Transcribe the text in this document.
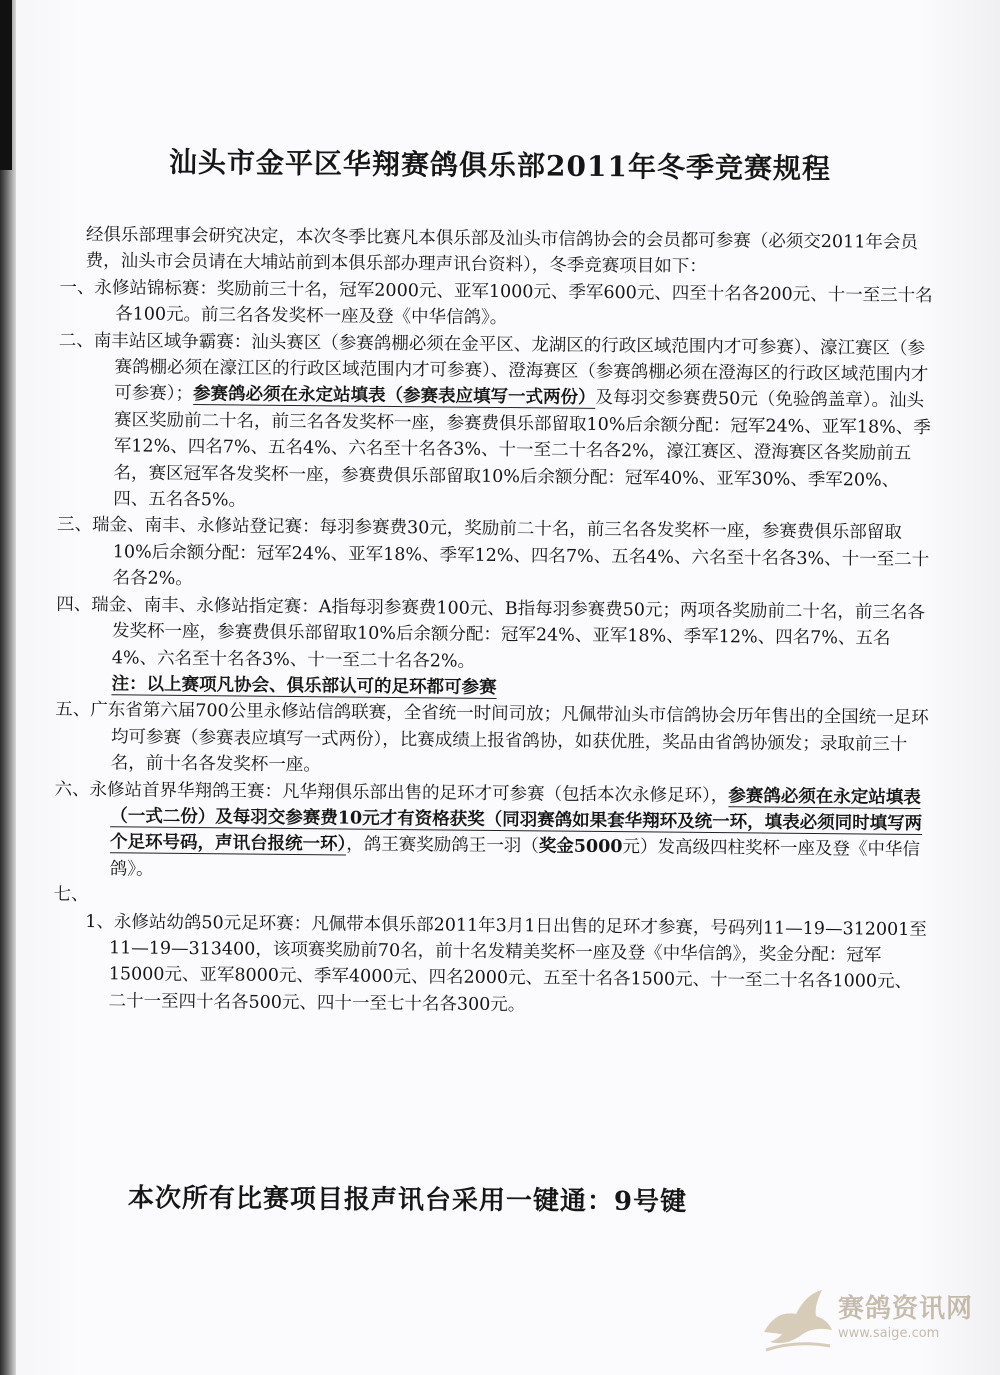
汕头市金平区华翔赛鸽俱乐部2011年冬季竞赛规程

经俱乐部理事会研究决定，本次冬季比赛凡本俱乐部及汕头市信鸽协会的会员都可参赛（必须交2011年会员费，汕头市会员请在大埔站前到本俱乐部办理声讯台资料），冬季竞赛项目如下：

一、永修站锦标赛：奖励前三十名，冠军2000元、亚军1000元、季军600元、四至十名各200元、十一至三十名各100元。前三名各发奖杯一座及登《中华信鸽》。

二、南丰站区域争霸赛：汕头赛区（参赛鸽棚必须在金平区、龙湖区的行政区域范围内才可参赛）、濠江赛区（参赛鸽棚必须在濠江区的行政区域范围内才可参赛）、澄海赛区（参赛鸽棚必须在澄海区的行政区域范围内才可参赛）；参赛鸽必须在永定站填表（参赛表应填写一式两份）及每羽交参赛费50元（免验鸽盖章）。汕头赛区奖励前二十名，前三名各发奖杯一座，参赛费俱乐部留取10%后余额分配：冠军24%、亚军18%、季军12%、四名7%、五名4%、六名至十名各3%、十一至二十名各2%，濠江赛区、澄海赛区各奖励前五名，赛区冠军各发奖杯一座，参赛费俱乐部留取10%后余额分配：冠军40%、亚军30%、季军20%、四、五名各5%。

三、瑞金、南丰、永修站登记赛：每羽参赛费30元，奖励前二十名，前三名各发奖杯一座，参赛费俱乐部留取10%后余额分配：冠军24%、亚军18%、季军12%、四名7%、五名4%、六名至十名各3%、十一至二十名各2%。

四、瑞金、南丰、永修站指定赛：A指每羽参赛费100元、B指每羽参赛费50元；两项各奖励前二十名，前三名各发奖杯一座，参赛费俱乐部留取10%后余额分配：冠军24%、亚军18%、季军12%、四名7%、五名4%、六名至十名各3%、十一至二十名各2%。

注：以上赛项凡协会、俱乐部认可的足环都可参赛

五、广东省第六届700公里永修站信鸽联赛，全省统一时间司放；凡佩带汕头市信鸽协会历年售出的全国统一足环均可参赛（参赛表应填写一式两份），比赛成绩上报省鸽协，如获优胜，奖品由省鸽协颁发；录取前三十名，前十名各发奖杯一座。

六、永修站首界华翔鸽王赛：凡华翔俱乐部出售的足环才可参赛（包括本次永修足环），参赛鸽必须在永定站填表（一式二份）及每羽交参赛费10元才有资格获奖（同羽赛鸽如果套华翔环及统一环，填表必须同时填写两个足环号码，声讯台报统一环），鸽王赛奖励鸽王一羽（奖金5000元）发高级四柱奖杯一座及登《中华信鸽》。

七、

1、永修站幼鸽50元足环赛：凡佩带本俱乐部2011年3月1日出售的足环才参赛，号码列11—19—312001至11—19—313400，该项赛奖励前70名，前十名发精美奖杯一座及登《中华信鸽》，奖金分配：冠军15000元、亚军8000元、季军4000元、四名2000元、五至十名各1500元、十一至二十名各1000元、二十一至四十名各500元、四十一至七十名各300元。

本次所有比赛项目报声讯台采用一键通：9号键
赛鸽资讯网
www.saige.com
